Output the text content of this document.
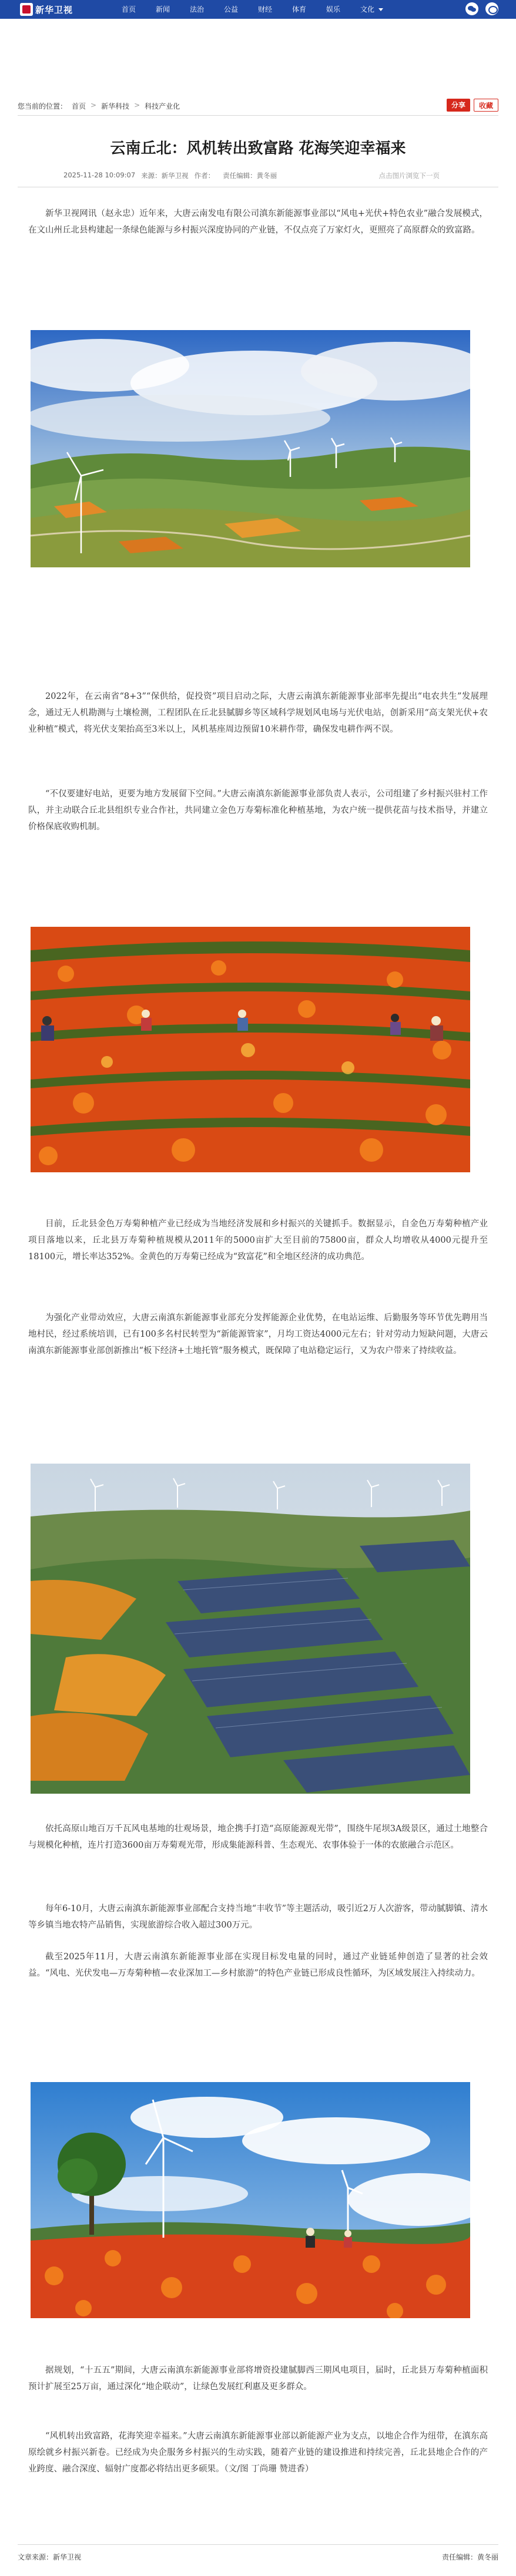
新华卫视	首页	新闻	法治	公益	财经	体育	娱乐	文化
您当前的位置： 首页 > 新华科技 > 科技产业化	分享	收藏
云南丘北：风机转出致富路 花海笑迎幸福来
2025-11-28 10:09:07 来源：新华卫视 作者： 责任编辑：黄冬丽	点击图片浏览下一页

新华卫视网讯（赵永忠）近年来，大唐云南发电有限公司滇东新能源事业部以“风电+光伏+特色农业”融合发展模式，在文山州丘北县构建起一条绿色能源与乡村振兴深度协同的产业链，不仅点亮了万家灯火，更照亮了高原群众的致富路。

2022年，在云南省“8+3”“保供给，促投资”项目启动之际，大唐云南滇东新能源事业部率先提出“电农共生”发展理念，通过无人机勘测与土壤检测，工程团队在丘北县腻脚乡等区域科学规划风电场与光伏电站，创新采用“高支架光伏+农业种植”模式，将光伏支架抬高至3米以上，风机基座周边预留10米耕作带，确保发电耕作两不误。

“不仅要建好电站，更要为地方发展留下空间。”大唐云南滇东新能源事业部负责人表示，公司组建了乡村振兴驻村工作队，并主动联合丘北县组织专业合作社，共同建立金色万寿菊标准化种植基地，为农户统一提供花苗与技术指导，并建立价格保底收购机制。

目前，丘北县金色万寿菊种植产业已经成为当地经济发展和乡村振兴的关键抓手。数据显示，自金色万寿菊种植产业项目落地以来，丘北县万寿菊种植规模从2011年的5000亩扩大至目前的75800亩，群众人均增收从4000元提升至18100元，增长率达352%。金黄色的万寿菊已经成为“致富花”和全地区经济的成功典范。

为强化产业带动效应，大唐云南滇东新能源事业部充分发挥能源企业优势，在电站运维、后勤服务等环节优先聘用当地村民，经过系统培训，已有100多名村民转型为“新能源管家”，月均工资达4000元左右；针对劳动力短缺问题，大唐云南滇东新能源事业部创新推出“板下经济+土地托管”服务模式，既保障了电站稳定运行，又为农户带来了持续收益。

依托高原山地百万千瓦风电基地的壮观场景，地企携手打造“高原能源观光带”，围绕牛尾坝3A级景区，通过土地整合与规模化种植，连片打造3600亩万寿菊观光带，形成集能源科普、生态观光、农事体验于一体的农旅融合示范区。

每年6-10月，大唐云南滇东新能源事业部配合支持当地“丰收节”等主题活动，吸引近2万人次游客，带动腻脚镇、清水等乡镇当地农特产品销售，实现旅游综合收入超过300万元。

截至2025年11月，大唐云南滇东新能源事业部在实现目标发电量的同时，通过产业链延伸创造了显著的社会效益。“风电、光伏发电—万寿菊种植—农业深加工—乡村旅游”的特色产业链已形成良性循环，为区域发展注入持续动力。

据规划，“十五五”期间，大唐云南滇东新能源事业部将增资投建腻脚西三期风电项目，届时，丘北县万寿菊种植面积预计扩展至25万亩，通过深化“地企联动”，让绿色发展红利惠及更多群众。

“风机转出致富路，花海笑迎幸福来。”大唐云南滇东新能源事业部以新能源产业为支点，以地企合作为纽带，在滇东高原绘就乡村振兴新卷。已经成为央企服务乡村振兴的生动实践，随着产业链的建设推进和持续完善，丘北县地企合作的产业跨度、融合深度、辐射广度都必将结出更多硕果。（文/图 丁尚珊 赞进香）

文章来源：新华卫视	责任编辑：黄冬丽
